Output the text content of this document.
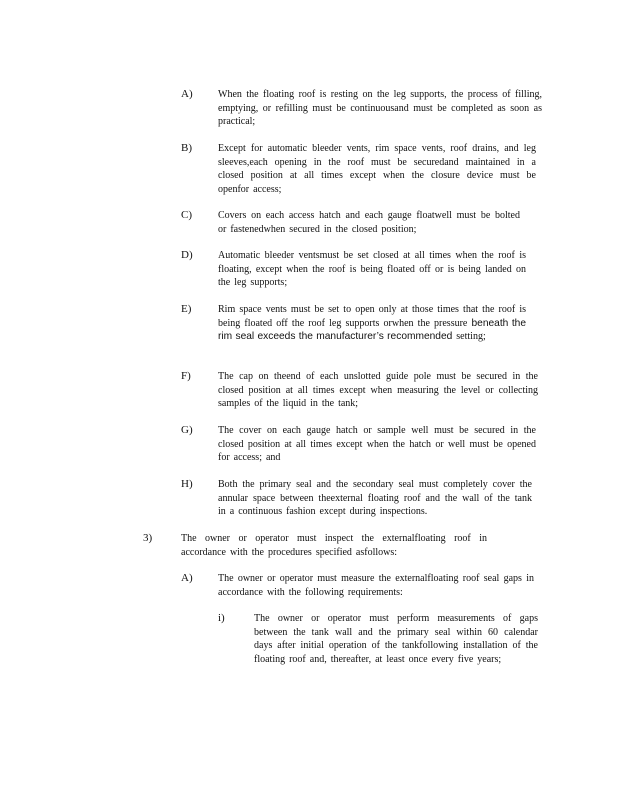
A)	When the floating roof is resting on the leg supports, the process of filling, emptying, or refilling must be continuousand must be completed as soon as practical;
B)	Except for automatic bleeder vents, rim space vents, roof drains, and leg sleeves,each opening in the roof must be securedand maintained in a closed position at all times except when the closure device must be openfor access;
C)	Covers on each access hatch and each gauge floatwell must be bolted or fastenedwhen secured in the closed position;
D)	Automatic bleeder ventsmust be set closed at all times when the roof is floating, except when the roof is being floated off or is being landed on the leg supports;
E)	Rim space vents must be set to open only at those times that the roof is being floated off the roof leg supports orwhen the pressure beneath the rim seal exceeds the manufacturer’s recommended setting;
F)	The cap on theend of each unslotted guide pole must be secured in the closed position at all times except when measuring the level or collecting samples of the liquid in the tank;
G)	The cover on each gauge hatch or sample well must be secured in the closed position at all times except when the hatch or well must be opened for access; and
H)	Both the primary seal and the secondary seal must completely cover the annular space between theexternal floating roof and the wall of the tank in a continuous fashion except during inspections.
3)	The owner or operator must inspect the externalfloating roof in accordance with the procedures specified asfollows:
A)	The owner or operator must measure the externalfloating roof seal gaps in accordance with the following requirements:
i)	The owner or operator must perform measurements of gaps between the tank wall and the primary seal within 60 calendar days after initial operation of the tankfollowing installation of the floating roof and, thereafter, at least once every five years;
